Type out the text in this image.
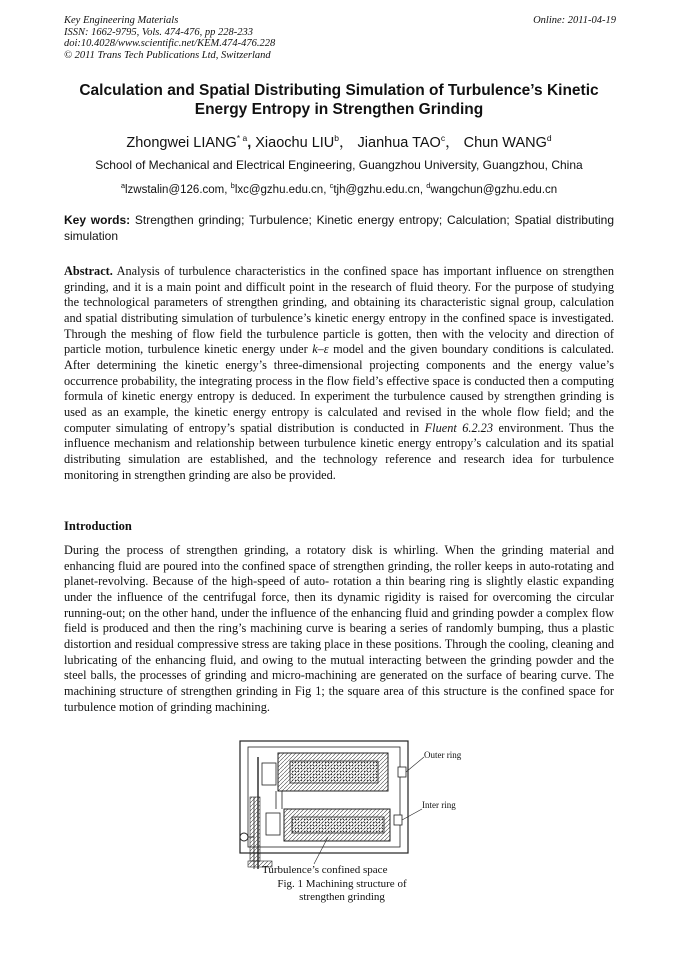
Key Engineering Materials
ISSN: 1662-9795, Vols. 474-476, pp 228-233
doi:10.4028/www.scientific.net/KEM.474-476.228
© 2011 Trans Tech Publications Ltd, Switzerland
Online: 2011-04-19
Calculation and Spatial Distributing Simulation of Turbulence’s Kinetic Energy Entropy in Strengthen Grinding
Zhongwei LIANG$^{* a}$, Xiaochu LIU$^b$， Jianhua TAO$^c$， Chun WANG$^d$
School of Mechanical and Electrical Engineering, Guangzhou University, Guangzhou, China
$^a$lzwstalin@126.com, $^b$lxc@gzhu.edu.cn, $^c$tjh@gzhu.edu.cn, $^d$wangchun@gzhu.edu.cn
Key words: Strengthen grinding; Turbulence; Kinetic energy entropy; Calculation; Spatial distributing simulation
Abstract. Analysis of turbulence characteristics in the confined space has important influence on strengthen grinding, and it is a main point and difficult point in the research of fluid theory. For the purpose of studying the technological parameters of strengthen grinding, and obtaining its characteristic signal group, calculation and spatial distributing simulation of turbulence’s kinetic energy entropy in the confined space is investigated. Through the meshing of flow field the turbulence particle is gotten, then with the velocity and direction of particle motion, turbulence kinetic energy under k–ε model and the given boundary conditions is calculated. After determining the kinetic energy’s three-dimensional projecting components and the energy value’s occurrence probability, the integrating process in the flow field’s effective space is conducted then a computing formula of kinetic energy entropy is deduced. In experiment the turbulence caused by strengthen grinding is used as an example, the kinetic energy entropy is calculated and revised in the whole flow field; and the computer simulating of entropy’s spatial distribution is conducted in Fluent 6.2.23 environment. Thus the influence mechanism and relationship between turbulence kinetic energy entropy’s calculation and its spatial distributing simulation are established, and the technology reference and research idea for turbulence monitoring in strengthen grinding are also be provided.
Introduction
During the process of strengthen grinding, a rotatory disk is whirling. When the grinding material and enhancing fluid are poured into the confined space of strengthen grinding, the roller keeps in auto-rotating and planet-revolving. Because of the high-speed of auto- rotation a thin bearing ring is slightly elastic expanding under the influence of the centrifugal force, then its dynamic rigidity is raised for overcoming the circular running-out; on the other hand, under the influence of the enhancing fluid and grinding powder a complex flow field is produced and then the ring’s machining curve is bearing a series of randomly bumping, thus a plastic distortion and residual compressive stress are taking place in these positions. Through the cooling, cleaning and lubricating of the enhancing fluid, and owing to the mutual interacting between the grinding powder and the steel balls, the processes of grinding and micro-machining are generated on the surface of bearing curve. The machining structure of strengthen grinding in Fig 1; the square area of this structure is the confined space for turbulence motion of grinding machining.
Outer ring
Inter ring
Turbulence’s confined space
Fig. 1 Machining structure of strengthen grinding
